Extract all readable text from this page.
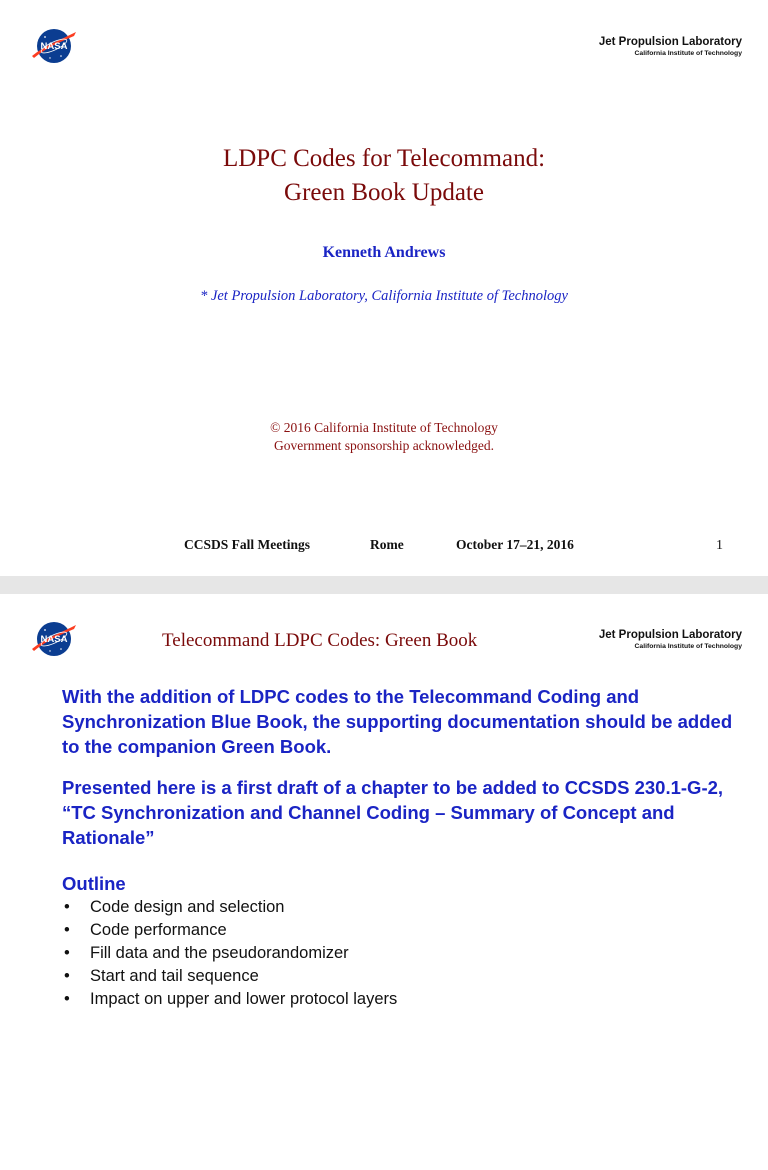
NASA	Jet Propulsion Laboratory
California Institute of Technology
LDPC Codes for Telecommand:
Green Book Update
Kenneth Andrews
* Jet Propulsion Laboratory, California Institute of Technology
© 2016 California Institute of Technology
Government sponsorship acknowledged.
CCSDS Fall Meetings	Rome	October 17–21, 2016	1
NASA	Telecommand LDPC Codes: Green Book	Jet Propulsion Laboratory
California Institute of Technology

With the addition of LDPC codes to the Telecommand Coding and Synchronization Blue Book, the supporting documentation should be added to the companion Green Book.

Presented here is a first draft of a chapter to be added to CCSDS 230.1-G-2, “TC Synchronization and Channel Coding – Summary of Concept and Rationale”

Outline
• Code design and selection
• Code performance
• Fill data and the pseudorandomizer
• Start and tail sequence
• Impact on upper and lower protocol layers
